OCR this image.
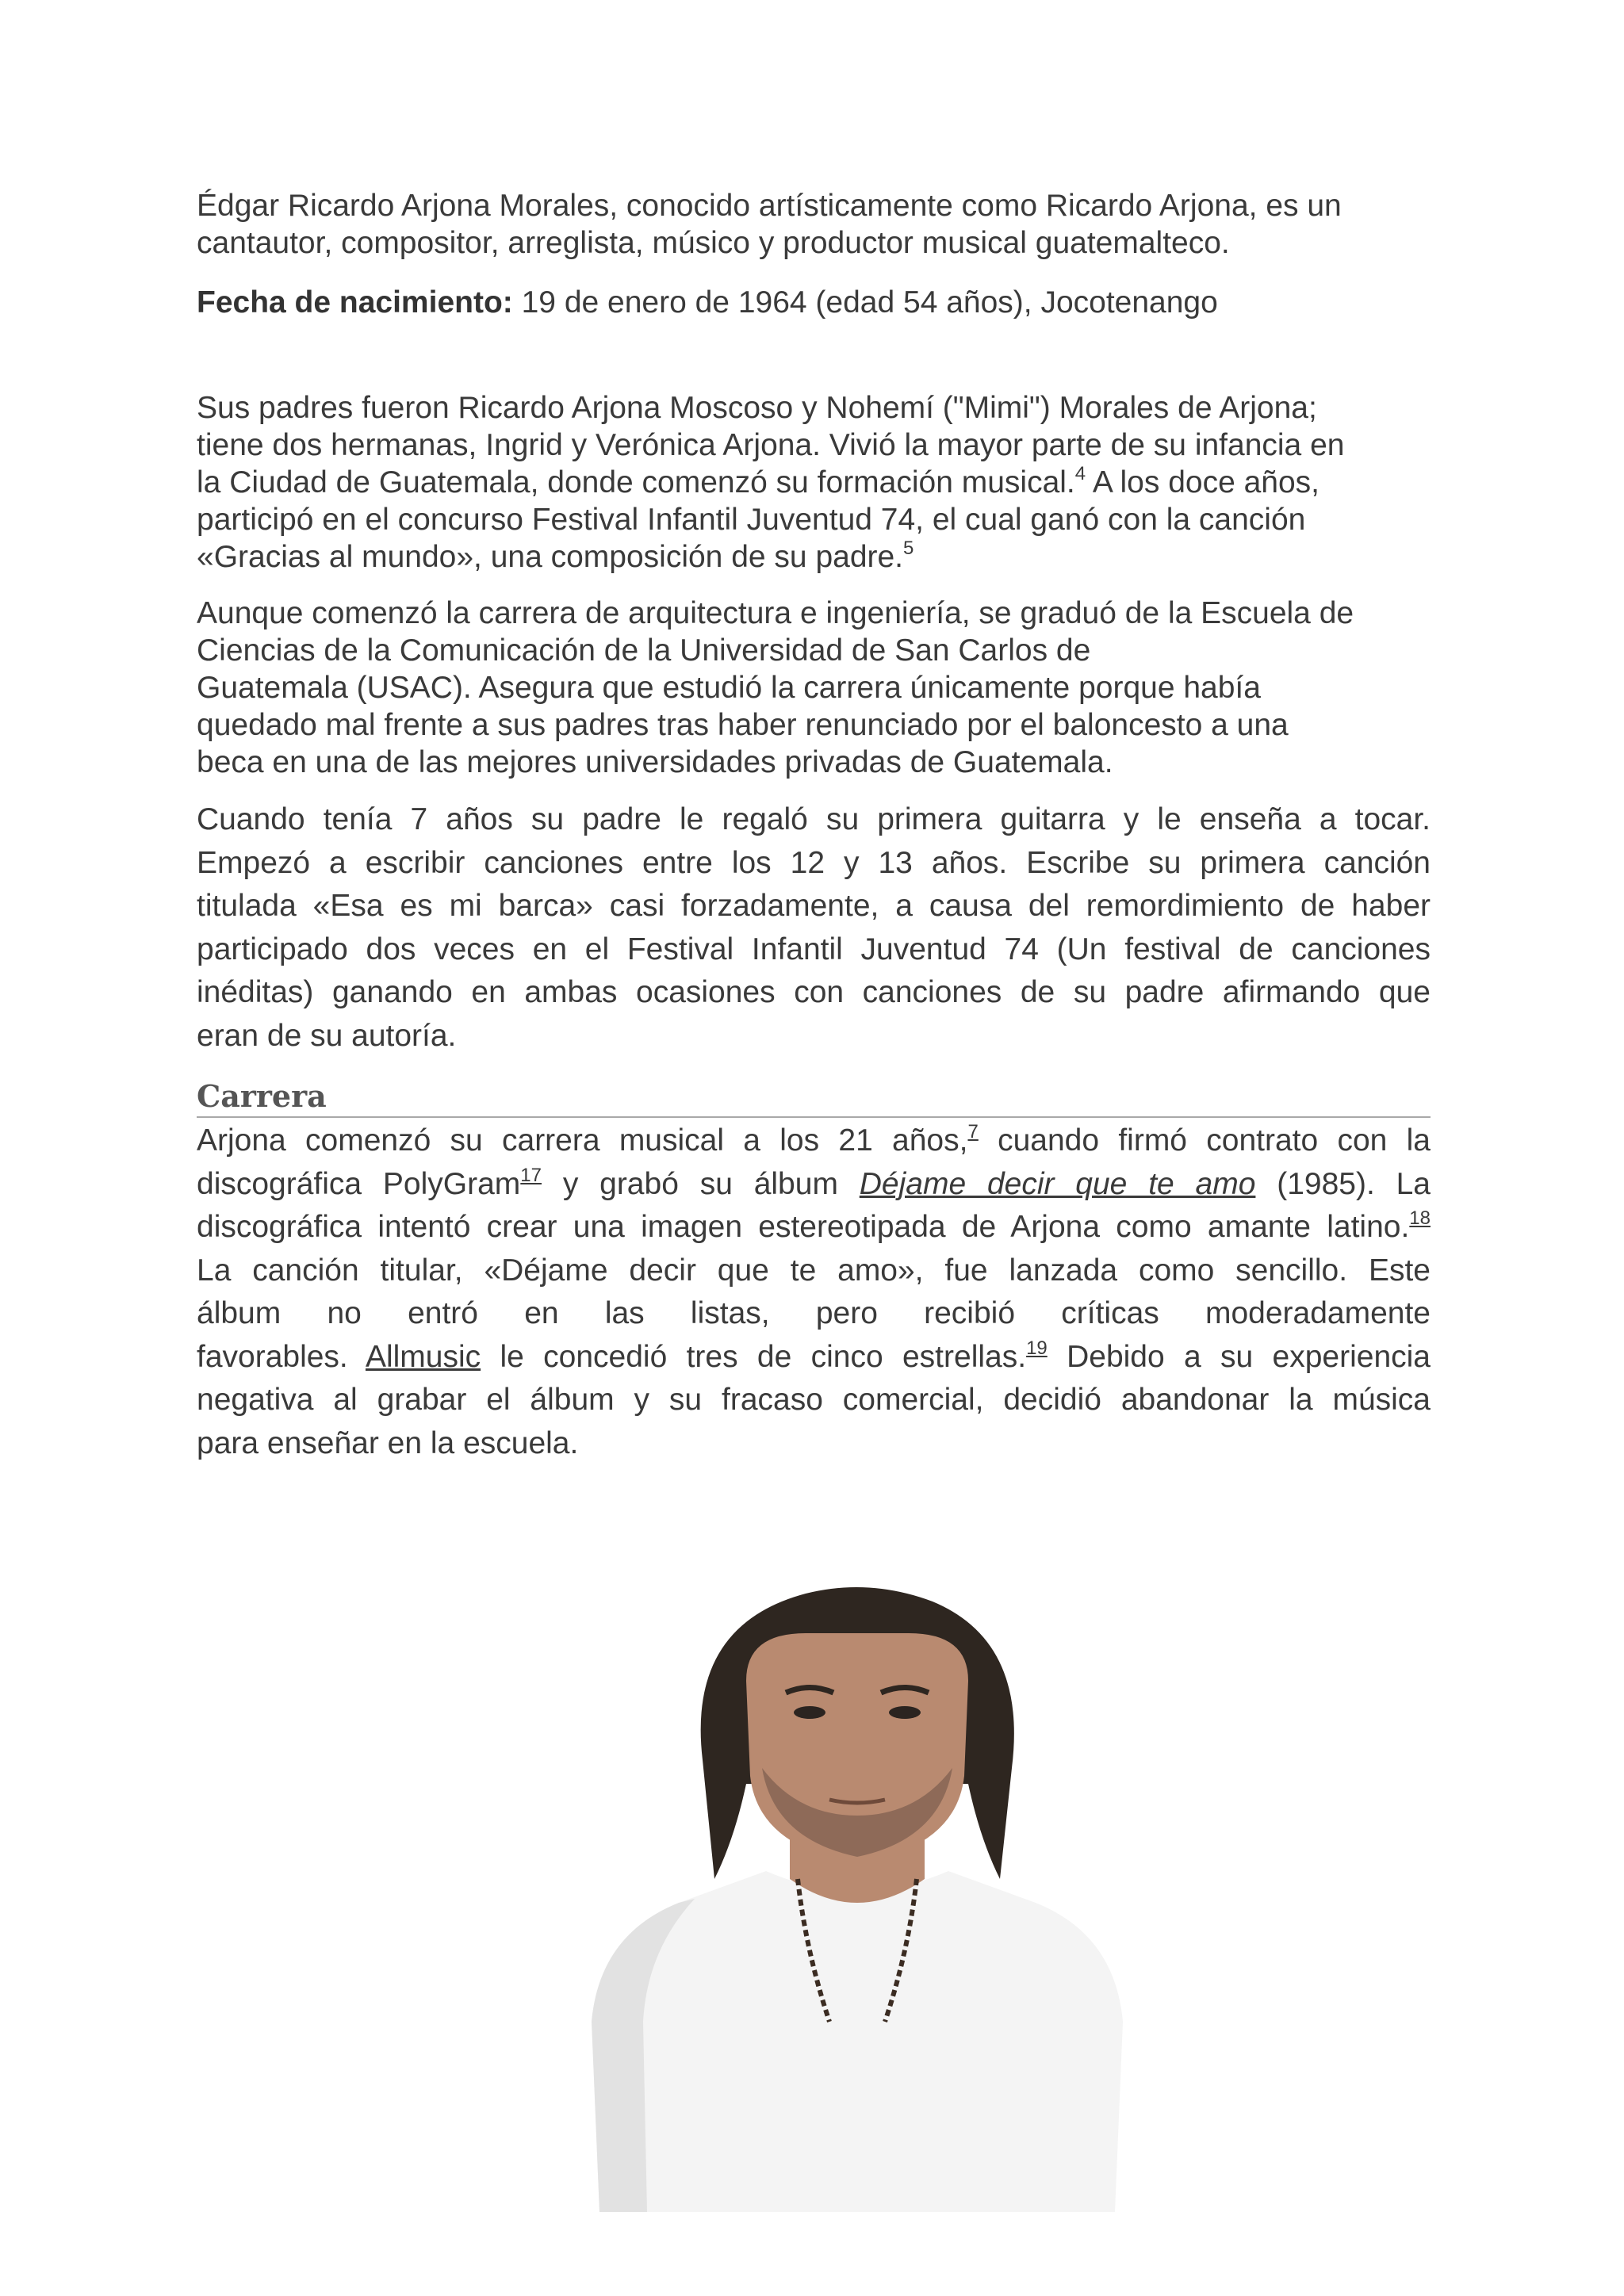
Édgar Ricardo Arjona Morales, conocido artísticamente como Ricardo Arjona, es un
cantautor, compositor, arreglista, músico y productor musical guatemalteco.

Fecha de nacimiento: 19 de enero de 1964 (edad 54 años), Jocotenango

Sus padres fueron Ricardo Arjona Moscoso y Nohemí ("Mimi") Morales de Arjona;
tiene dos hermanas, Ingrid y Verónica Arjona. Vivió la mayor parte de su infancia en
la Ciudad de Guatemala, donde comenzó su formación musical.$^4$ A los doce años,
participó en el concurso Festival Infantil Juventud 74, el cual ganó con la canción
«Gracias al mundo», una composición de su padre.$^5$

Aunque comenzó la carrera de arquitectura e ingeniería, se graduó de la Escuela de
Ciencias de la Comunicación de la Universidad de San Carlos de
Guatemala (USAC). Asegura que estudió la carrera únicamente porque había
quedado mal frente a sus padres tras haber renunciado por el baloncesto a una
beca en una de las mejores universidades privadas de Guatemala.

Cuando tenía 7 años su padre le regaló su primera guitarra y le enseña a tocar.
Empezó a escribir canciones entre los 12 y 13 años. Escribe su primera canción
titulada «Esa es mi barca» casi forzadamente, a causa del remordimiento de haber
participado dos veces en el Festival Infantil Juventud 74 (Un festival de canciones
inéditas) ganando en ambas ocasiones con canciones de su padre afirmando que
eran de su autoría.

Carrera

Arjona comenzó su carrera musical a los 21 años,$^7$ cuando firmó contrato con la
discográfica PolyGram$^{17}$ y grabó su álbum Déjame decir que te amo (1985). La
discográfica intentó crear una imagen estereotipada de Arjona como amante latino.$^{18}$
La canción titular, «Déjame decir que te amo», fue lanzada como sencillo. Este
álbum no entró en las listas, pero recibió críticas moderadamente
favorables. Allmusic le concedió tres de cinco estrellas.$^{19}$ Debido a su experiencia
negativa al grabar el álbum y su fracaso comercial, decidió abandonar la música
para enseñar en la escuela.
